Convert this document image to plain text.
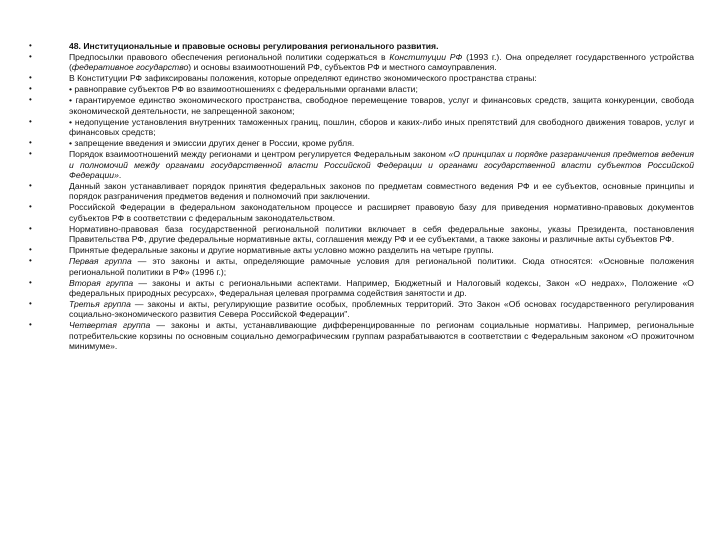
•	48. Институциональные и правовые основы регулирования регионального развития.
•	Предпосылки правового обеспечения региональной политики содержаться в Конституции РФ (1993 г.). Она определяет государственного устройства (федеративное государство) и основы взаимоотношений РФ, субъектов РФ и местного самоуправления.
•	В Конституции РФ зафиксированы положения, которые определяют единство экономического пространства страны:
•	• равноправие субъектов РФ во взаимоотношениях с федеральными органами власти;
•	• гарантируемое единство экономического пространства, свободное перемещение товаров, услуг и финансовых средств, защита конкуренции, свобода экономической деятельности, не запрещенной законом;
•	• недопущение установления внутренних таможенных границ, пошлин, сборов и каких-либо иных препятствий для свободного движения товаров, услуг и финансовых средств;
•	• запрещение введения и эмиссии других денег в России, кроме рубля.
•	Порядок взаимоотношений между регионами и центром регулируется Федеральным законом «О принципах и порядке разграничения предметов ведения и полномочий между органами государственной власти Российской Федерации и органами государственной власти субъектов Российской Федерации».
•	Данный закон устанавливает порядок принятия федеральных законов по предметам совместного ведения РФ и ее субъектов, основные принципы и порядок разграничения предметов ведения и полномочий при заключении.
•	Российской Федерации в федеральном законодательном процессе и расширяет правовую базу для приведения нормативно-правовых документов субъектов РФ в соответствии с федеральным законодательством.
•	Нормативно-правовая база государственной региональной политики включает в себя федеральные законы, указы Президента, постановления Правительства РФ, другие федеральные нормативные акты, соглашения между РФ и ее субъектами, а также законы и различные акты субъектов РФ.
•	Принятые федеральные законы и другие нормативные акты условно можно разделить на четыре группы.
•	Первая группа — это законы и акты, определяющие рамочные условия для региональной политики. Сюда относятся: «Основные положения региональной политики в РФ» (1996 г.);
•	Вторая группа — законы и акты с региональными аспектами. Например, Бюджетный и Налоговый кодексы, Закон «О недрах», Положение «О федеральных природных ресурсах», Федеральная целевая программа содействия занятости и др.
•	Третья группа — законы и акты, регулирующие развитие особых, проблемных территорий. Это Закон «Об основах государственного регулирования социально-экономического развития Севера Российской Федерации".
•	Четвертая группа — законы и акты, устанавливающие дифференцированные по регионам социальные нормативы. Например, региональные потребительские корзины по основным социально демографическим группам разрабатываются в соответствии с Федеральным законом «О прожиточном минимуме».
